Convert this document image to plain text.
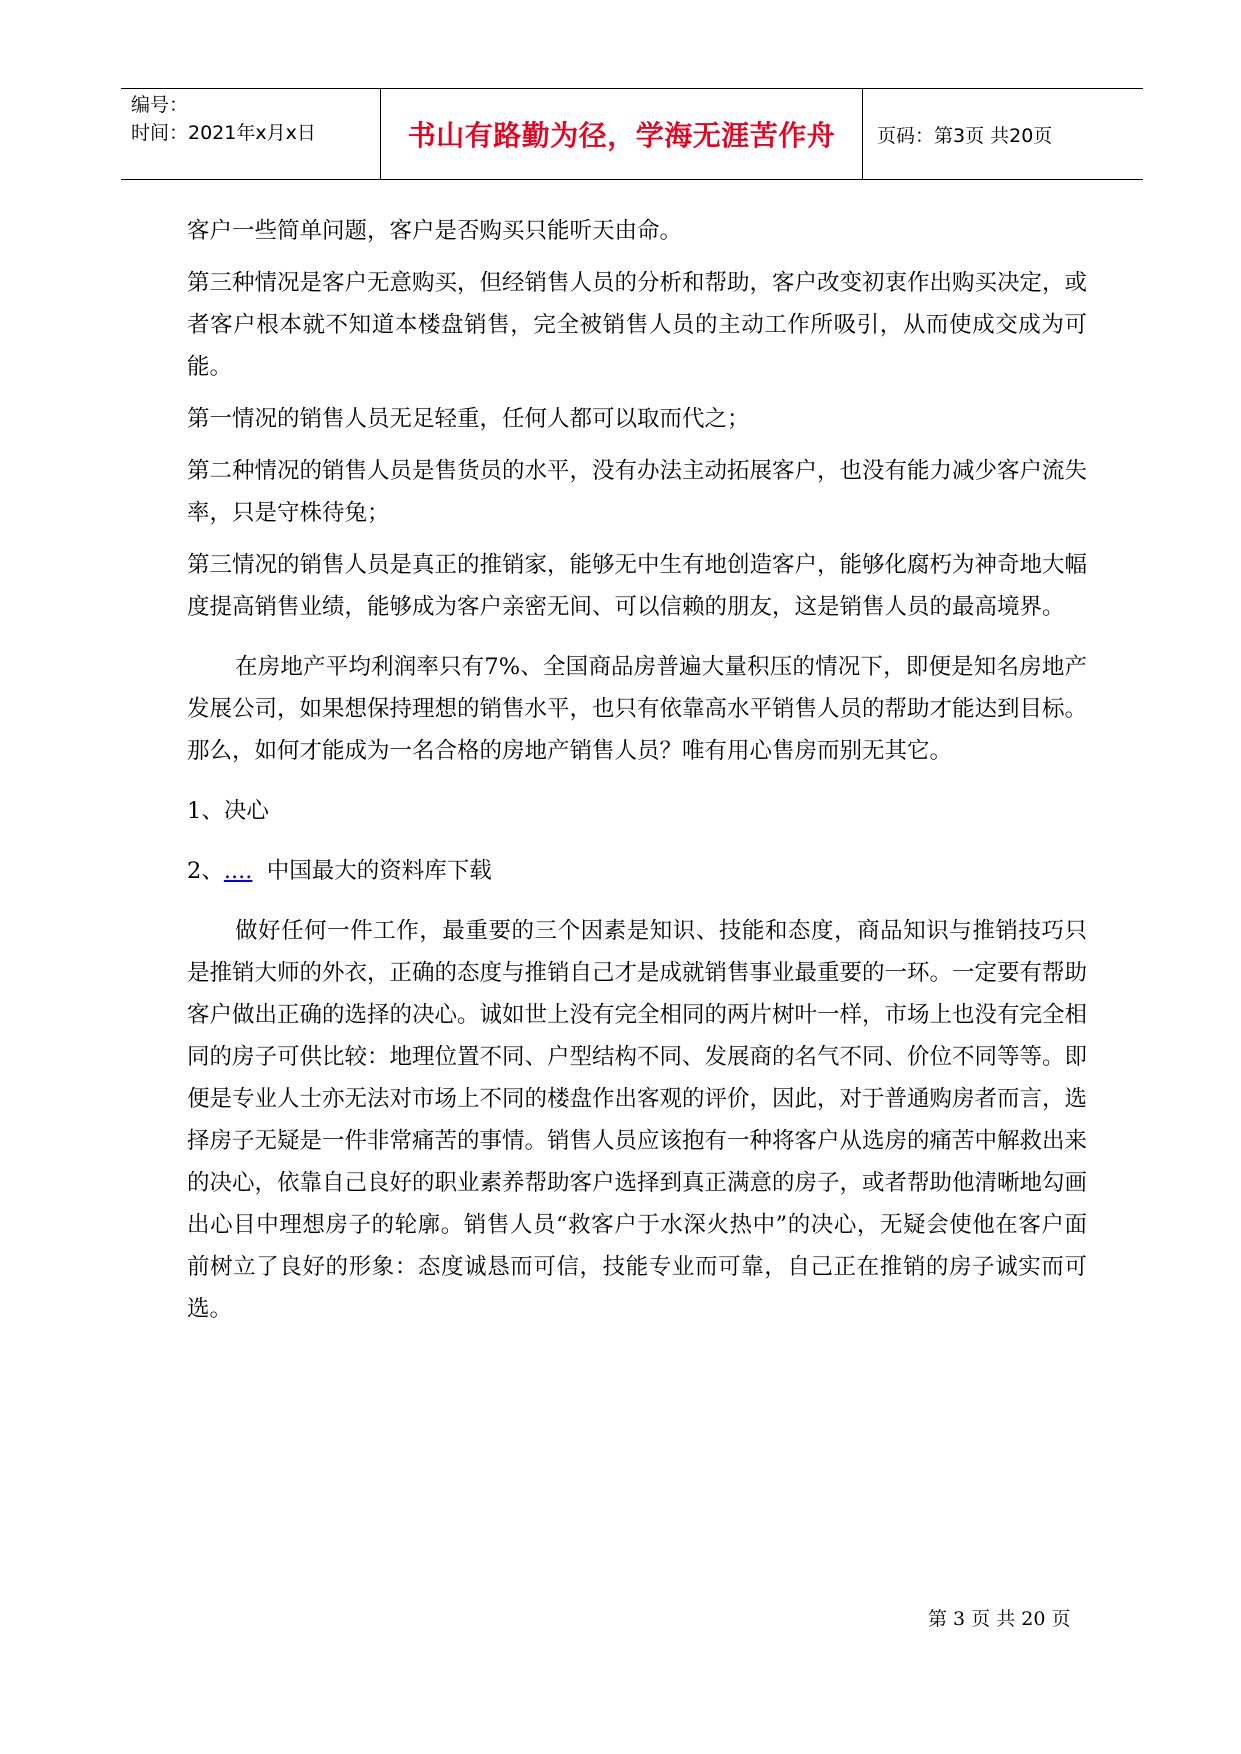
编号：
时间：2021年x月x日	书山有路勤为径，学海无涯苦作舟	页码：第3页 共20页

客户一些简单问题，客户是否购买只能听天由命。

第三种情况是客户无意购买，但经销售人员的分析和帮助，客户改变初衷作出购买决定，或者客户根本就不知道本楼盘销售，完全被销售人员的主动工作所吸引，从而使成交成为可能。

第一情况的销售人员无足轻重，任何人都可以取而代之；

第二种情况的销售人员是售货员的水平，没有办法主动拓展客户，也没有能力减少客户流失率，只是守株待兔；

第三情况的销售人员是真正的推销家，能够无中生有地创造客户，能够化腐朽为神奇地大幅度提高销售业绩，能够成为客户亲密无间、可以信赖的朋友，这是销售人员的最高境界。

在房地产平均利润率只有7%、全国商品房普遍大量积压的情况下，即便是知名房地产发展公司，如果想保持理想的销售水平，也只有依靠高水平销售人员的帮助才能达到目标。那么，如何才能成为一名合格的房地产销售人员？唯有用心售房而别无其它。

1、决心

2、.... 中国最大的资料库下载

做好任何一件工作，最重要的三个因素是知识、技能和态度，商品知识与推销技巧只是推销大师的外衣，正确的态度与推销自己才是成就销售事业最重要的一环。一定要有帮助客户做出正确的选择的决心。诚如世上没有完全相同的两片树叶一样，市场上也没有完全相同的房子可供比较：地理位置不同、户型结构不同、发展商的名气不同、价位不同等等。即便是专业人士亦无法对市场上不同的楼盘作出客观的评价，因此，对于普通购房者而言，选择房子无疑是一件非常痛苦的事情。销售人员应该抱有一种将客户从选房的痛苦中解救出来的决心，依靠自己良好的职业素养帮助客户选择到真正满意的房子，或者帮助他清晰地勾画出心目中理想房子的轮廓。销售人员“救客户于水深火热中”的决心，无疑会使他在客户面前树立了良好的形象：态度诚恳而可信，技能专业而可靠，自己正在推销的房子诚实而可选。

第 3 页 共 20 页
